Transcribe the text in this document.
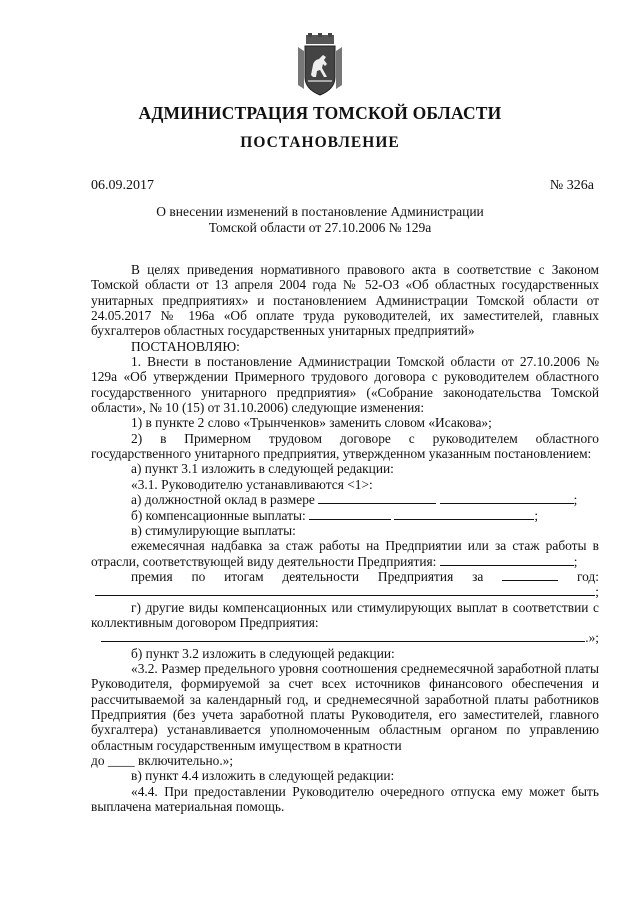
АДМИНИСТРАЦИЯ ТОМСКОЙ ОБЛАСТИ
ПОСТАНОВЛЕНИЕ
06.09.2017	№ 326а
О внесении изменений в постановление Администрации
Томской области от 27.10.2006 № 129а

В целях приведения нормативного правового акта в соответствие с Законом Томской области от 13 апреля 2004 года № 52-ОЗ «Об областных государственных унитарных предприятиях» и постановлением Администрации Томской области от 24.05.2017 № 196а «Об оплате труда руководителей, их заместителей, главных бухгалтеров областных государственных унитарных предприятий»

ПОСТАНОВЛЯЮ:

1. Внести в постановление Администрации Томской области от 27.10.2006 № 129а «Об утверждении Примерного трудового договора с руководителем областного государственного унитарного предприятия» («Собрание законодательства Томской области», № 10 (15) от 31.10.2006) следующие изменения:

1) в пункте 2 слово «Трынченков» заменить словом «Исакова»;

2) в Примерном трудовом договоре с руководителем областного государственного унитарного предприятия, утвержденном указанным постановлением:

а) пункт 3.1 изложить в следующей редакции:

«3.1. Руководителю устанавливаются <1>:

а) должностной оклад в размере	;

б) компенсационные выплаты:	;

в) стимулирующие выплаты:

ежемесячная надбавка за стаж работы на Предприятии или за стаж работы в отрасли, соответствующей виду деятельности Предприятия:	;

премия по итогам деятельности Предприятия за	год:

;

г) другие виды компенсационных или стимулирующих выплат в соответствии с коллективным договором Предприятия:

.»;

б) пункт 3.2 изложить в следующей редакции:

«3.2. Размер предельного уровня соотношения среднемесячной заработной платы Руководителя, формируемой за счет всех источников финансового обеспечения и рассчитываемой за календарный год, и среднемесячной заработной платы работников Предприятия (без учета заработной платы Руководителя, его заместителей, главного бухгалтера) устанавливается уполномоченным областным органом по управлению областным государственным имуществом в кратности

до ____ включительно.»;

в) пункт 4.4 изложить в следующей редакции:

«4.4. При предоставлении Руководителю очередного отпуска ему может быть выплачена материальная помощь.
